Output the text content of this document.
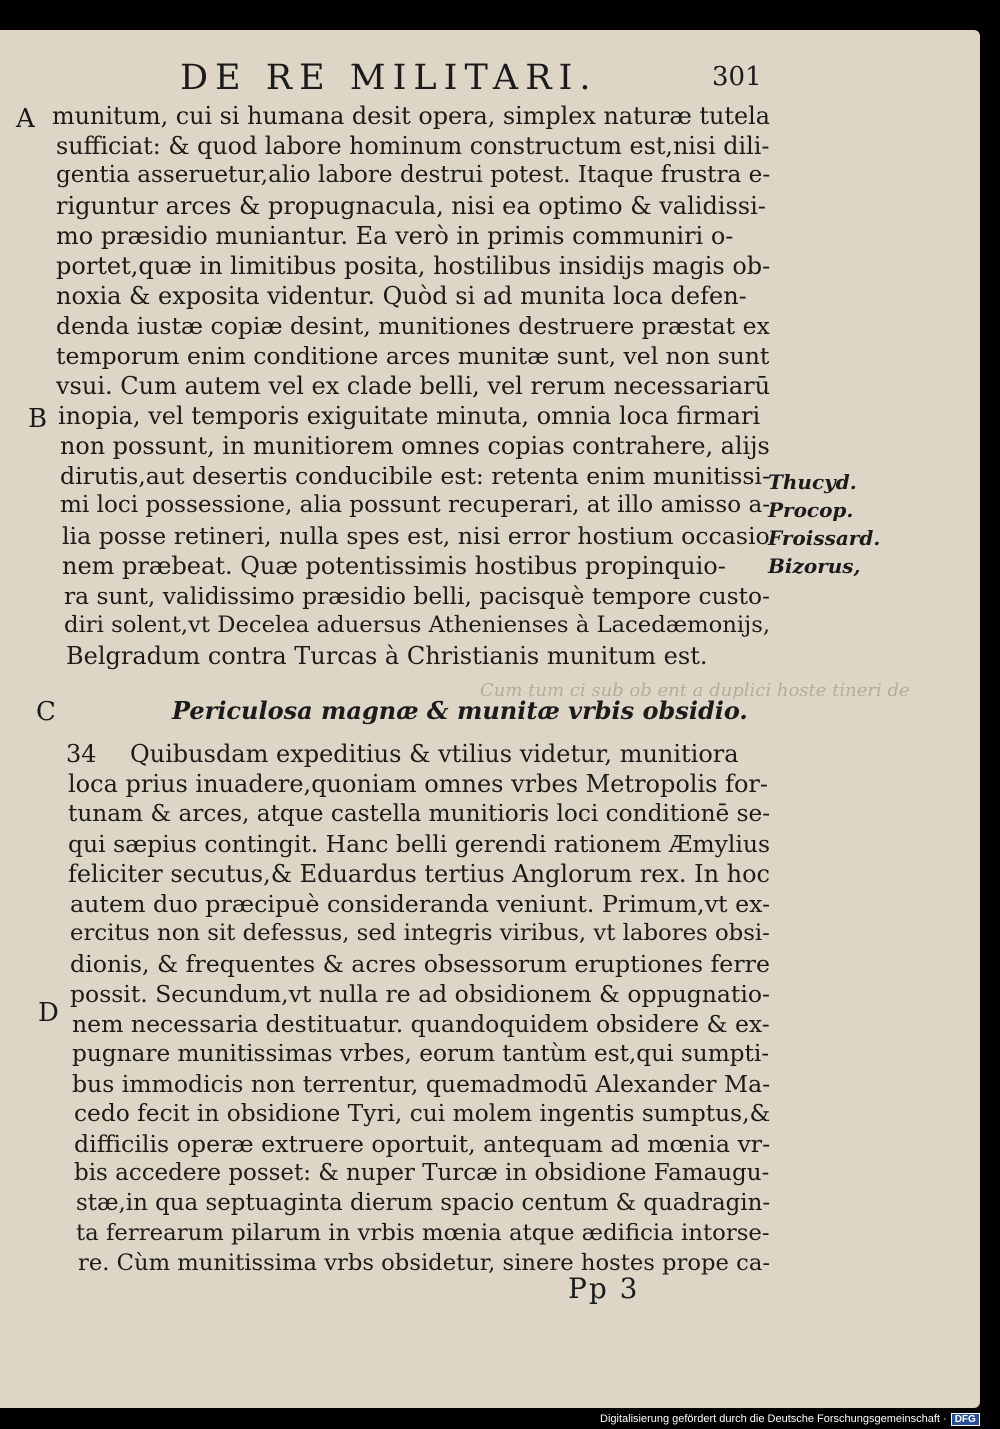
DE RE MILITARI.	301
A
B
C
D
munitum, cui si humana desit opera, simplex naturæ tutela
sufficiat: & quod labore hominum constructum est,nisi dili-
gentia asseruetur,alio labore destrui potest. Itaque frustra e-
riguntur arces & propugnacula, nisi ea optimo & validissi-
mo præsidio muniantur. Ea verò in primis communiri o-
portet,quæ in limitibus posita, hostilibus insidijs magis ob-
noxia & exposita videntur. Quòd si ad munita loca defen-
denda iustæ copiæ desint, munitiones destruere præstat ex
temporum enim conditione arces munitæ sunt, vel non sunt
vsui. Cum autem vel ex clade belli, vel rerum necessariarū
inopia, vel temporis exiguitate minuta, omnia loca firmari
non possunt, in munitiorem omnes copias contrahere, alijs
dirutis,aut desertis conducibile est: retenta enim munitissi-
mi loci possessione, alia possunt recuperari, at illo amisso a-
lia posse retineri, nulla spes est, nisi error hostium occasio
nem præbeat. Quæ potentissimis hostibus propinquio-
ra sunt, validissimo præsidio belli, pacisquè tempore custo-
diri solent,vt Decelea aduersus Athenienses à Lacedæmonijs,
Belgradum contra Turcas à Christianis munitum est.
Thucyd.
Procop.
Froissard.
Bizorus,
Cum tum ci sub ob ent a duplici hoste tineri de
Periculosa magnæ & munitæ vrbis obsidio.
34 Quibusdam expeditius & vtilius videtur, munitiora
loca prius inuadere,quoniam omnes vrbes Metropolis for-
tunam & arces, atque castella munitioris loci conditionē se-
qui sæpius contingit. Hanc belli gerendi rationem Æmylius
feliciter secutus,& Eduardus tertius Anglorum rex. In hoc
autem duo præcipuè consideranda veniunt. Primum,vt ex-
ercitus non sit defessus, sed integris viribus, vt labores obsi-
dionis, & frequentes & acres obsessorum eruptiones ferre
possit. Secundum,vt nulla re ad obsidionem & oppugnatio-
nem necessaria destituatur. quandoquidem obsidere & ex-
pugnare munitissimas vrbes, eorum tantùm est,qui sumpti-
bus immodicis non terrentur, quemadmodū Alexander Ma-
cedo fecit in obsidione Tyri, cui molem ingentis sumptus,&
difficilis operæ extruere oportuit, antequam ad mœnia vr-
bis accedere posset: & nuper Turcæ in obsidione Famaugu-
stæ,in qua septuaginta dierum spacio centum & quadragin-
ta ferrearum pilarum in vrbis mœnia atque ædificia intorse-
re. Cùm munitissima vrbs obsidetur, sinere hostes prope ca-
Pp 3
Digitalisierung gefördert durch die Deutsche Forschungsgemeinschaft · DFG
